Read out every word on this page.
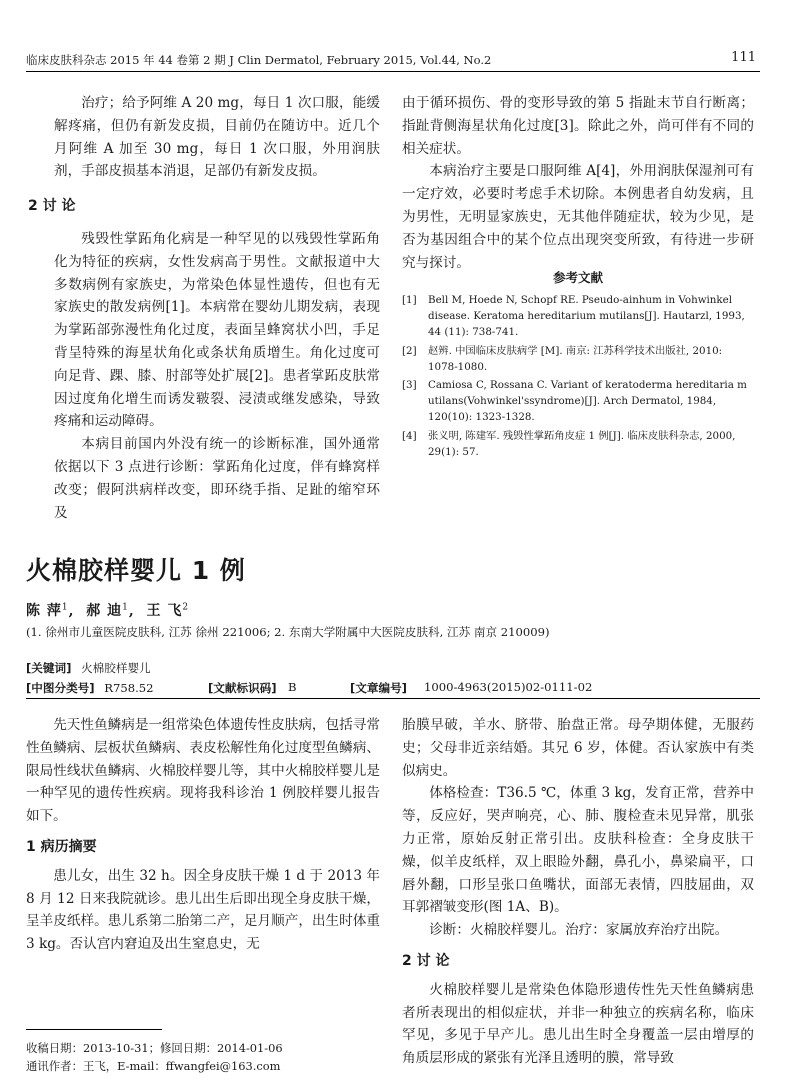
临床皮肤科杂志 2015 年 44 卷第 2 期 J Clin Dermatol, February 2015, Vol.44, No.2	111

治疗；给予阿维 A 20 mg，每日 1 次口服，能缓解疼痛，但仍有新发皮损，目前仍在随访中。近几个月阿维 A 加至 30 mg，每日 1 次口服，外用润肤剂，手部皮损基本消退，足部仍有新发皮损。

2 讨 论

残毁性掌跖角化病是一种罕见的以残毁性掌跖角化为特征的疾病，女性发病高于男性。文献报道中大多数病例有家族史，为常染色体显性遗传，但也有无家族史的散发病例[1]。本病常在婴幼儿期发病，表现为掌跖部弥漫性角化过度，表面呈蜂窝状小凹，手足背呈特殊的海星状角化或条状角质增生。角化过度可向足背、踝、膝、肘部等处扩展[2]。患者掌跖皮肤常因过度角化增生而诱发皲裂、浸渍或继发感染，导致疼痛和运动障碍。

本病目前国内外没有统一的诊断标准，国外通常依据以下 3 点进行诊断：掌跖角化过度，伴有蜂窝样改变；假阿洪病样改变，即环绕手指、足趾的缩窄环及

由于循环损伤、骨的变形导致的第 5 指趾末节自行断离；指趾背侧海星状角化过度[3]。除此之外，尚可伴有不同的相关症状。

本病治疗主要是口服阿维 A[4]，外用润肤保湿剂可有一定疗效，必要时考虑手术切除。本例患者自幼发病，且为男性，无明显家族史，无其他伴随症状，较为少见，是否为基因组合中的某个位点出现突变所致，有待进一步研究与探讨。

参考文献
[1] Bell M, Hoede N, Schopf RE. Pseudo-ainhum in Vohwinkel disease. Keratoma hereditarium mutilans[J]. Hautarzl, 1993, 44 (11): 738-741.
[2] 赵辨. 中国临床皮肤病学 [M]. 南京: 江苏科学技术出版社, 2010: 1078-1080.
[3] Camiosa C, Rossana C. Variant of keratoderma hereditaria m utilans(Vohwinkel'ssyndrome)[J]. Arch Dermatol, 1984, 120(10): 1323-1328.
[4] 张义明, 陈建军. 残毁性掌跖角皮症 1 例[J]. 临床皮肤科杂志, 2000, 29(1): 57.
火棉胶样婴儿 1 例
陈 萍$^1$,  郝 迪$^1$,  王 飞$^2$
(1. 徐州市儿童医院皮肤科, 江苏 徐州 221006; 2. 东南大学附属中大医院皮肤科, 江苏 南京 210009)
[关键词] 火棉胶样婴儿
[中图分类号] R758.52	[文献标识码] B	[文章编号] 1000-4963(2015)02-0111-02

先天性鱼鳞病是一组常染色体遗传性皮肤病，包括寻常性鱼鳞病、层板状鱼鳞病、表皮松解性角化过度型鱼鳞病、限局性线状鱼鳞病、火棉胶样婴儿等，其中火棉胶样婴儿是一种罕见的遗传性疾病。现将我科诊治 1 例胶样婴儿报告如下。

1 病历摘要

患儿女，出生 32 h。因全身皮肤干燥 1 d 于 2013 年 8 月 12 日来我院就诊。患儿出生后即出现全身皮肤干燥，呈羊皮纸样。患儿系第二胎第二产，足月顺产，出生时体重 3 kg。否认宫内窘迫及出生窒息史，无

胎膜早破，羊水、脐带、胎盘正常。母孕期体健，无服药史；父母非近亲结婚。其兄 6 岁，体健。否认家族中有类似病史。

体格检查：T36.5 ℃，体重 3 kg，发育正常，营养中等，反应好，哭声响亮，心、肺、腹检查未见异常，肌张力正常，原始反射正常引出。皮肤科检查：全身皮肤干燥，似羊皮纸样，双上眼睑外翻，鼻孔小，鼻梁扁平，口唇外翻，口形呈张口鱼嘴状，面部无表情，四肢屈曲，双耳郭褶皱变形(图 1A、B)。

诊断：火棉胶样婴儿。治疗：家属放弃治疗出院。

2 讨 论

火棉胶样婴儿是常染色体隐形遗传性先天性鱼鳞病患者所表现出的相似症状，并非一种独立的疾病名称，临床罕见，多见于早产儿。患儿出生时全身覆盖一层由增厚的角质层形成的紧张有光泽且透明的膜，常导致

收稿日期：2013-10-31；修回日期：2014-01-06
通讯作者：王飞，E-mail：ffwangfei@163.com
